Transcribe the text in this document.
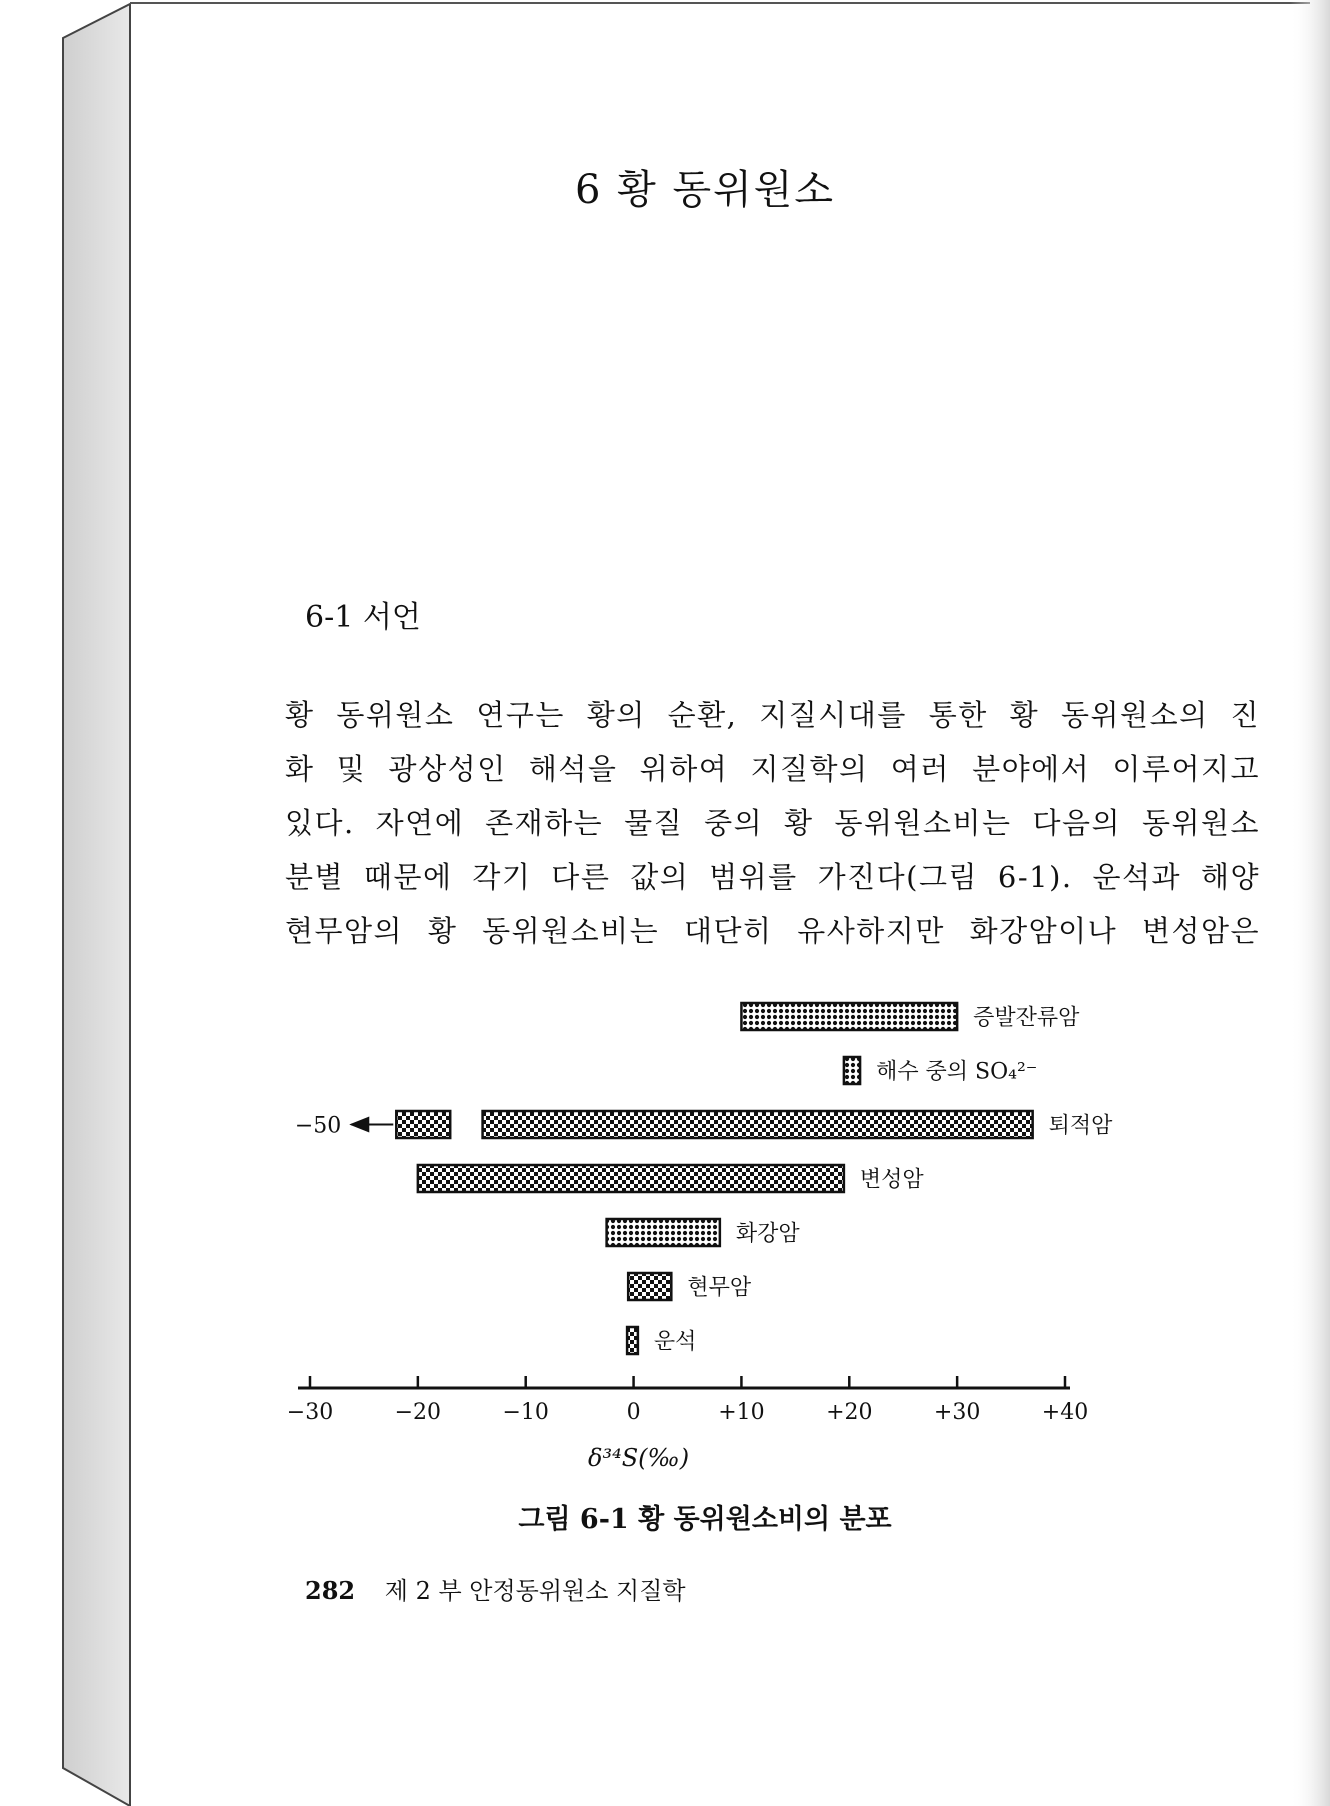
6 황 동위원소
6-1 서언
황 동위원소 연구는 황의 순환, 지질시대를 통한 황 동위원소의 진
화 및 광상성인 해석을 위하여 지질학의 여러 분야에서 이루어지고
있다. 자연에 존재하는 물질 중의 황 동위원소비는 다음의 동위원소
분별 때문에 각기 다른 값의 범위를 가진다(그림 6-1). 운석과 해양
현무암의 황 동위원소비는 대단히 유사하지만 화강암이나 변성암은
−30	−20	−10	0	+10	+20	+30	+40
δ³⁴S(‰)
증발잔류암
해수 중의 SO₄²⁻
퇴적암
−50
변성암
화강암
현무암
운석
그림 6-1 황 동위원소비의 분포
282 제 2 부 안정동위원소 지질학
